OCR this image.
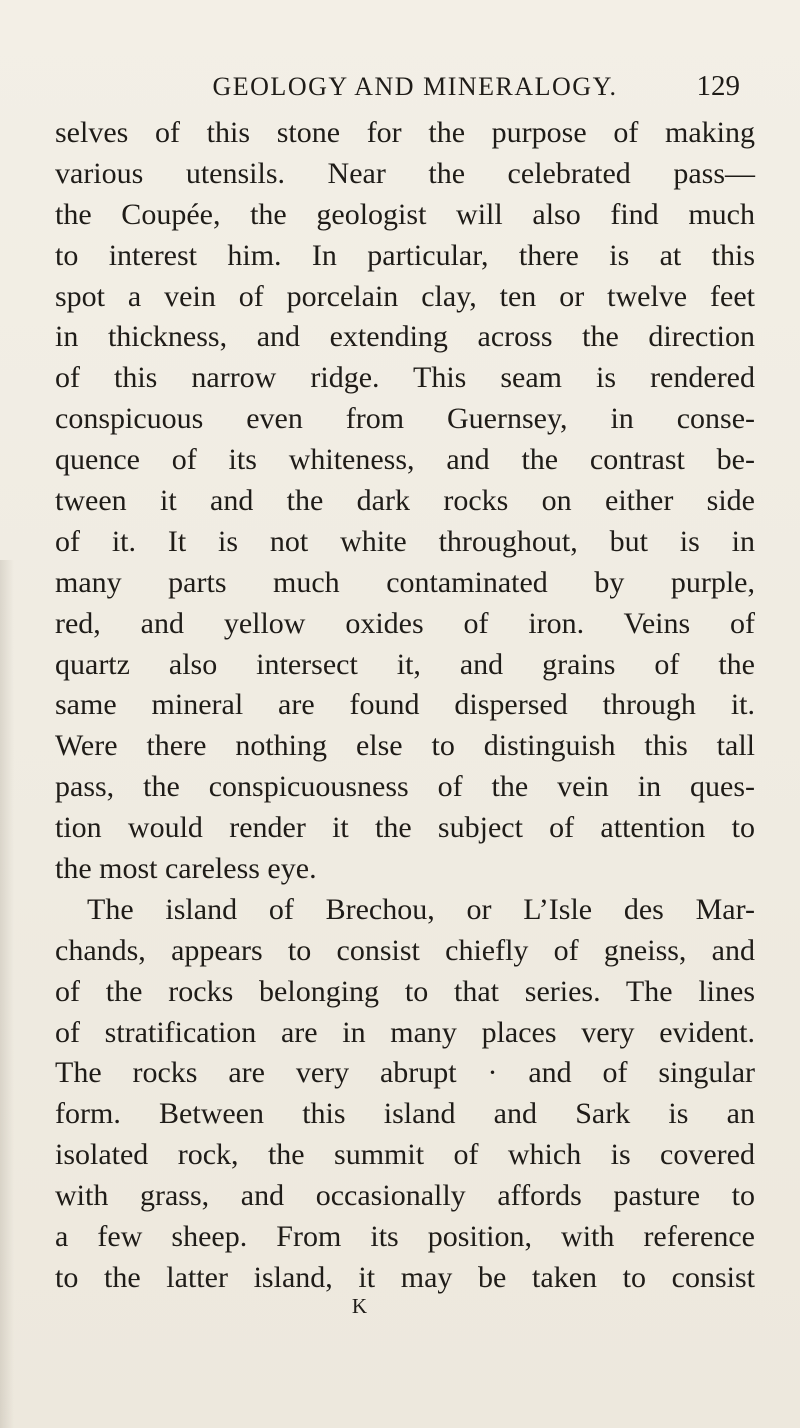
GEOLOGY AND MINERALOGY.	129
selves of this stone for the purpose of making
various utensils. Near the celebrated pass—
the Coupée, the geologist will also find much
to interest him. In particular, there is at this
spot a vein of porcelain clay, ten or twelve feet
in thickness, and extending across the direction
of this narrow ridge. This seam is rendered
conspicuous even from Guernsey, in conse-
quence of its whiteness, and the contrast be-
tween it and the dark rocks on either side
of it. It is not white throughout, but is in
many parts much contaminated by purple,
red, and yellow oxides of iron. Veins of
quartz also intersect it, and grains of the
same mineral are found dispersed through it.
Were there nothing else to distinguish this tall
pass, the conspicuousness of the vein in ques-
tion would render it the subject of attention to
the most careless eye.
The island of Brechou, or L’Isle des Mar-
chands, appears to consist chiefly of gneiss, and
of the rocks belonging to that series. The lines
of stratification are in many places very evident.
The rocks are very abrupt · and of singular
form. Between this island and Sark is an
isolated rock, the summit of which is covered
with grass, and occasionally affords pasture to
a few sheep. From its position, with reference
to the latter island, it may be taken to consist
K
